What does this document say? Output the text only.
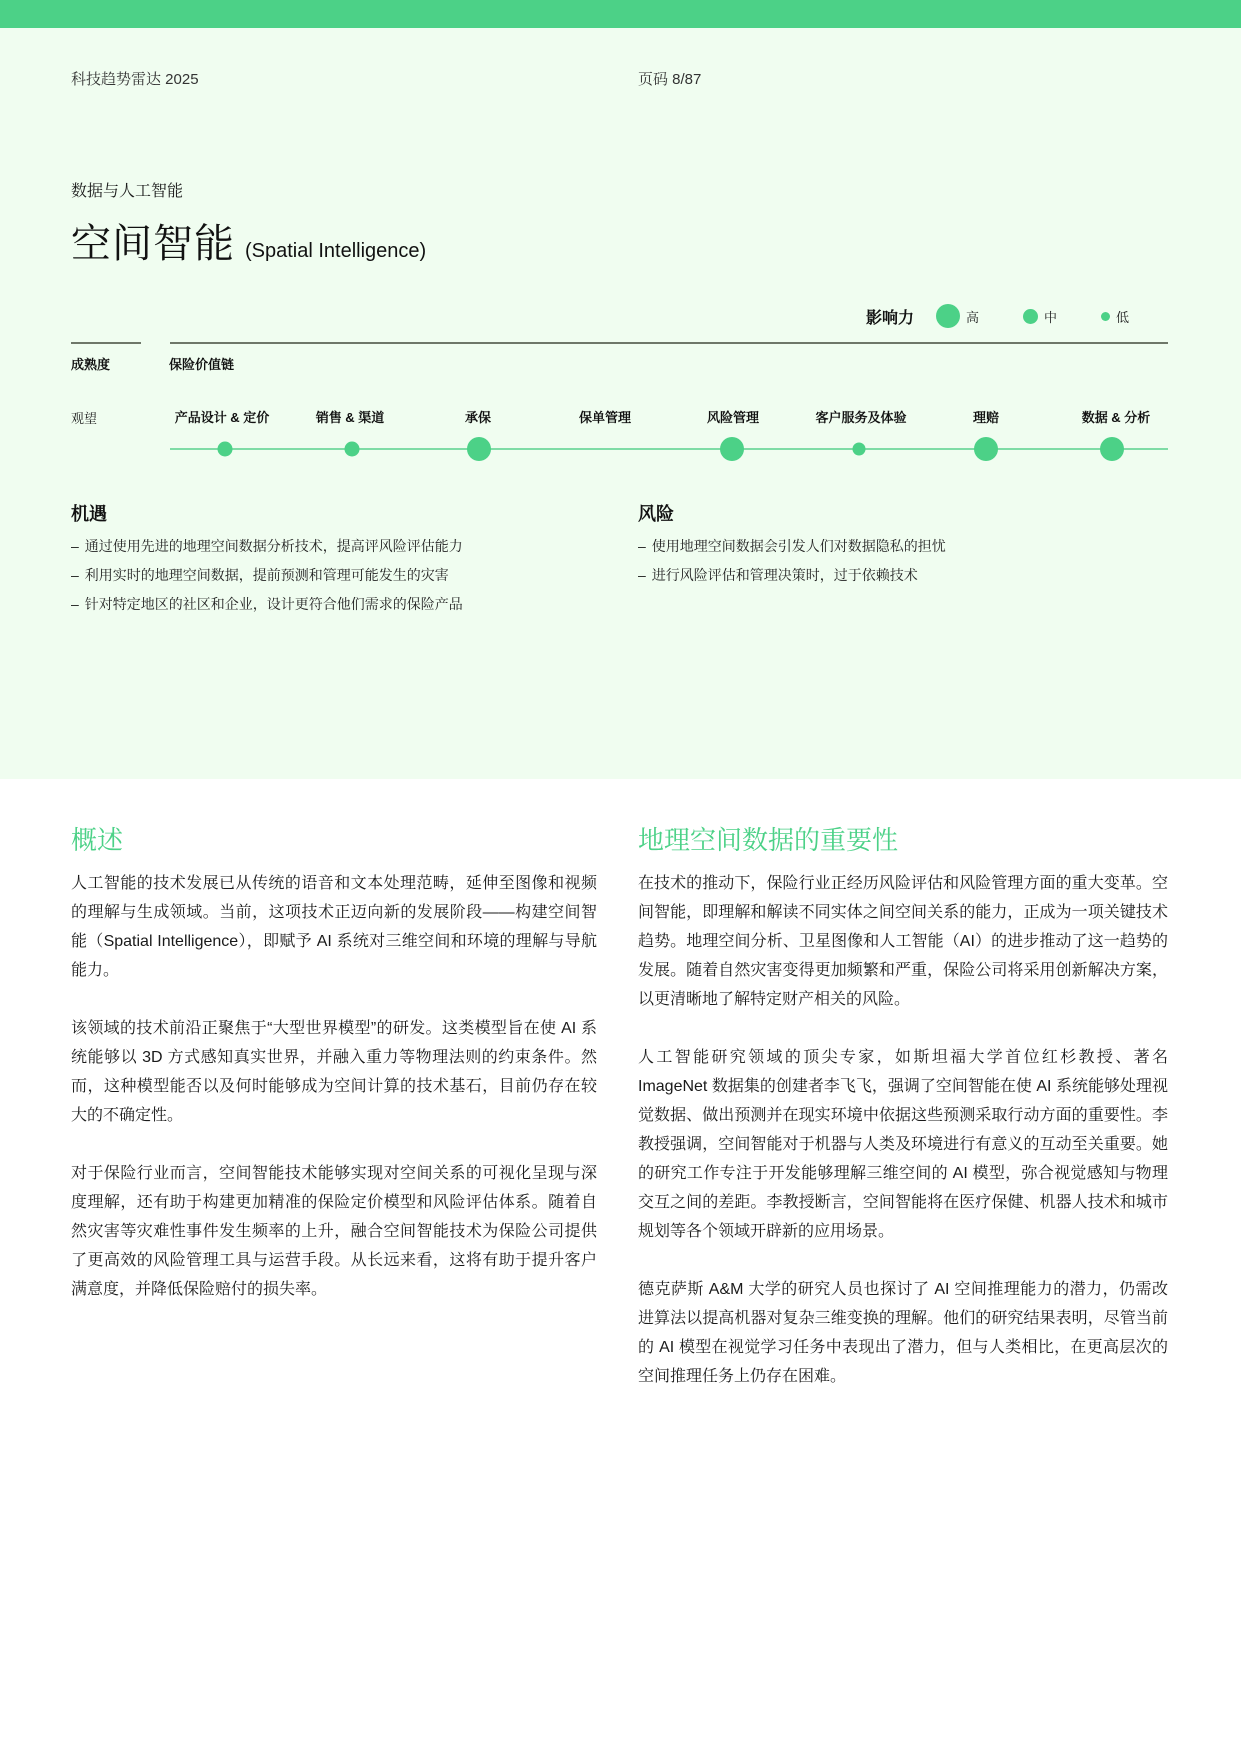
科技趋势雷达 2025	页码 8/87
数据与人工智能
空间智能 (Spatial Intelligence)
影响力	高	中	低
成熟度	保险价值链
观望	产品设计 & 定价	销售 & 渠道	承保	保单管理	风险管理	客户服务及体验	理赔	数据 & 分析
机遇
– 通过使用先进的地理空间数据分析技术，提高评风险评估能力
– 利用实时的地理空间数据，提前预测和管理可能发生的灾害
– 针对特定地区的社区和企业，设计更符合他们需求的保险产品
风险
– 使用地理空间数据会引发人们对数据隐私的担忧
– 进行风险评估和管理决策时，过于依赖技术
概述

人工智能的技术发展已从传统的语音和文本处理范畴，延伸至图像和视频的理解与生成领域。当前，这项技术正迈向新的发展阶段——构建空间智能（Spatial Intelligence），即赋予 AI 系统对三维空间和环境的理解与导航能力。

该领域的技术前沿正聚焦于“大型世界模型”的研发。这类模型旨在使 AI 系统能够以 3D 方式感知真实世界，并融入重力等物理法则的约束条件。然而，这种模型能否以及何时能够成为空间计算的技术基石，目前仍存在较大的不确定性。

对于保险行业而言，空间智能技术能够实现对空间关系的可视化呈现与深度理解，还有助于构建更加精准的保险定价模型和风险评估体系。随着自然灾害等灾难性事件发生频率的上升，融合空间智能技术为保险公司提供了更高效的风险管理工具与运营手段。从长远来看，这将有助于提升客户满意度，并降低保险赔付的损失率。

地理空间数据的重要性

在技术的推动下，保险行业正经历风险评估和风险管理方面的重大变革。空间智能，即理解和解读不同实体之间空间关系的能力，正成为一项关键技术趋势。地理空间分析、卫星图像和人工智能（AI）的进步推动了这一趋势的发展。随着自然灾害变得更加频繁和严重，保险公司将采用创新解决方案，以更清晰地了解特定财产相关的风险。

人工智能研究领域的顶尖专家，如斯坦福大学首位红杉教授、著名 ImageNet 数据集的创建者李飞飞，强调了空间智能在使 AI 系统能够处理视觉数据、做出预测并在现实环境中依据这些预测采取行动方面的重要性。李教授强调，空间智能对于机器与人类及环境进行有意义的互动至关重要。她的研究工作专注于开发能够理解三维空间的 AI 模型，弥合视觉感知与物理交互之间的差距。李教授断言，空间智能将在医疗保健、机器人技术和城市规划等各个领域开辟新的应用场景。

德克萨斯 A&M 大学的研究人员也探讨了 AI 空间推理能力的潜力，仍需改进算法以提高机器对复杂三维变换的理解。他们的研究结果表明，尽管当前的 AI 模型在视觉学习任务中表现出了潜力，但与人类相比，在更高层次的空间推理任务上仍存在困难。
